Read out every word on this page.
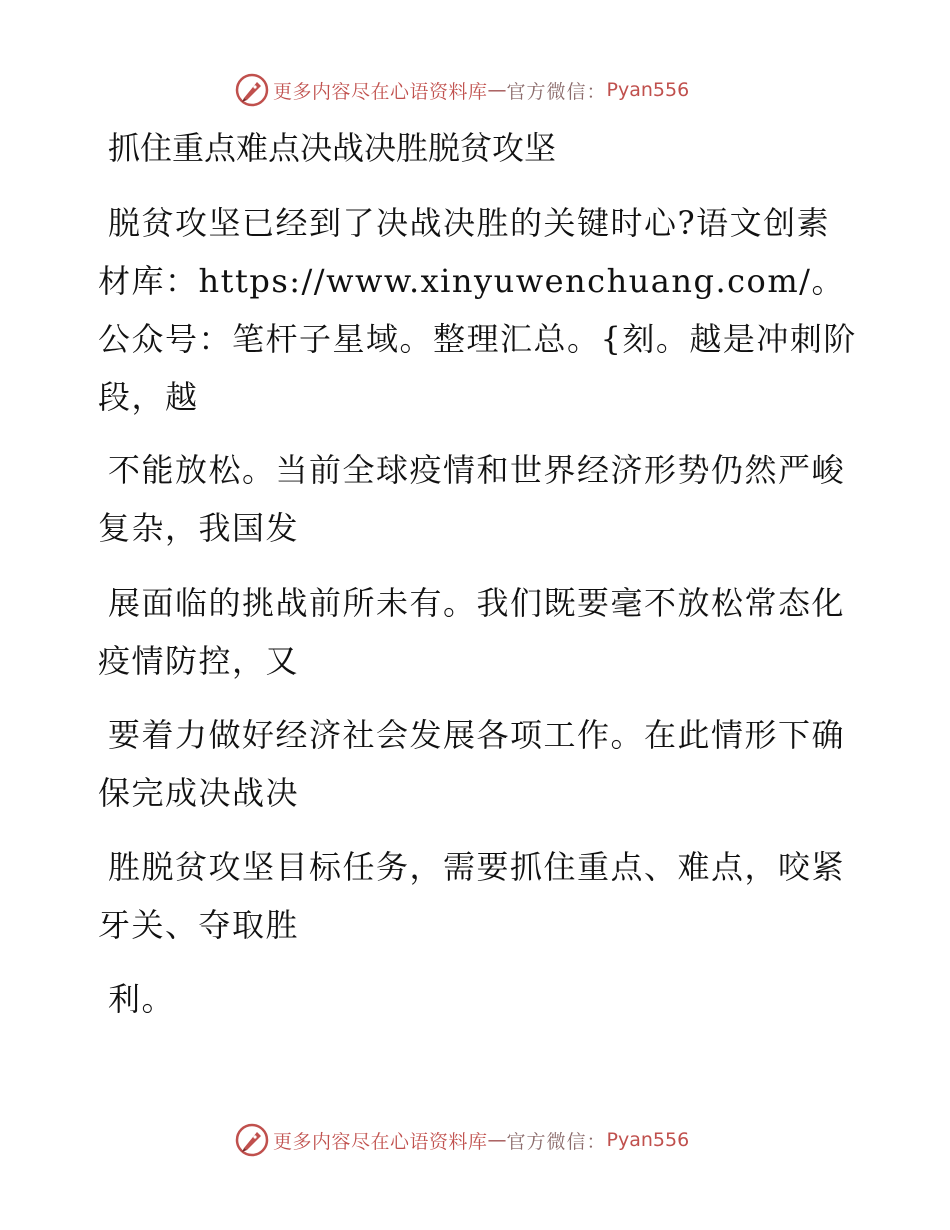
更多内容尽在心语资料库 — 官方微信： Pyan556
抓住重点难点决战决胜脱贫攻坚

脱贫攻坚已经到了决战决胜的关键时心?语文创素材库：https://www.xinyuwenchuang.com/。公众号：笔杆子星域。整理汇总。{刻。越是冲刺阶段，越

不能放松。当前全球疫情和世界经济形势仍然严峻复杂，我国发

展面临的挑战前所未有。我们既要毫不放松常态化疫情防控，又

要着力做好经济社会发展各项工作。在此情形下确保完成决战决

胜脱贫攻坚目标任务，需要抓住重点、难点，咬紧牙关、夺取胜

利。

更多内容尽在心语资料库 — 官方微信： Pyan556
